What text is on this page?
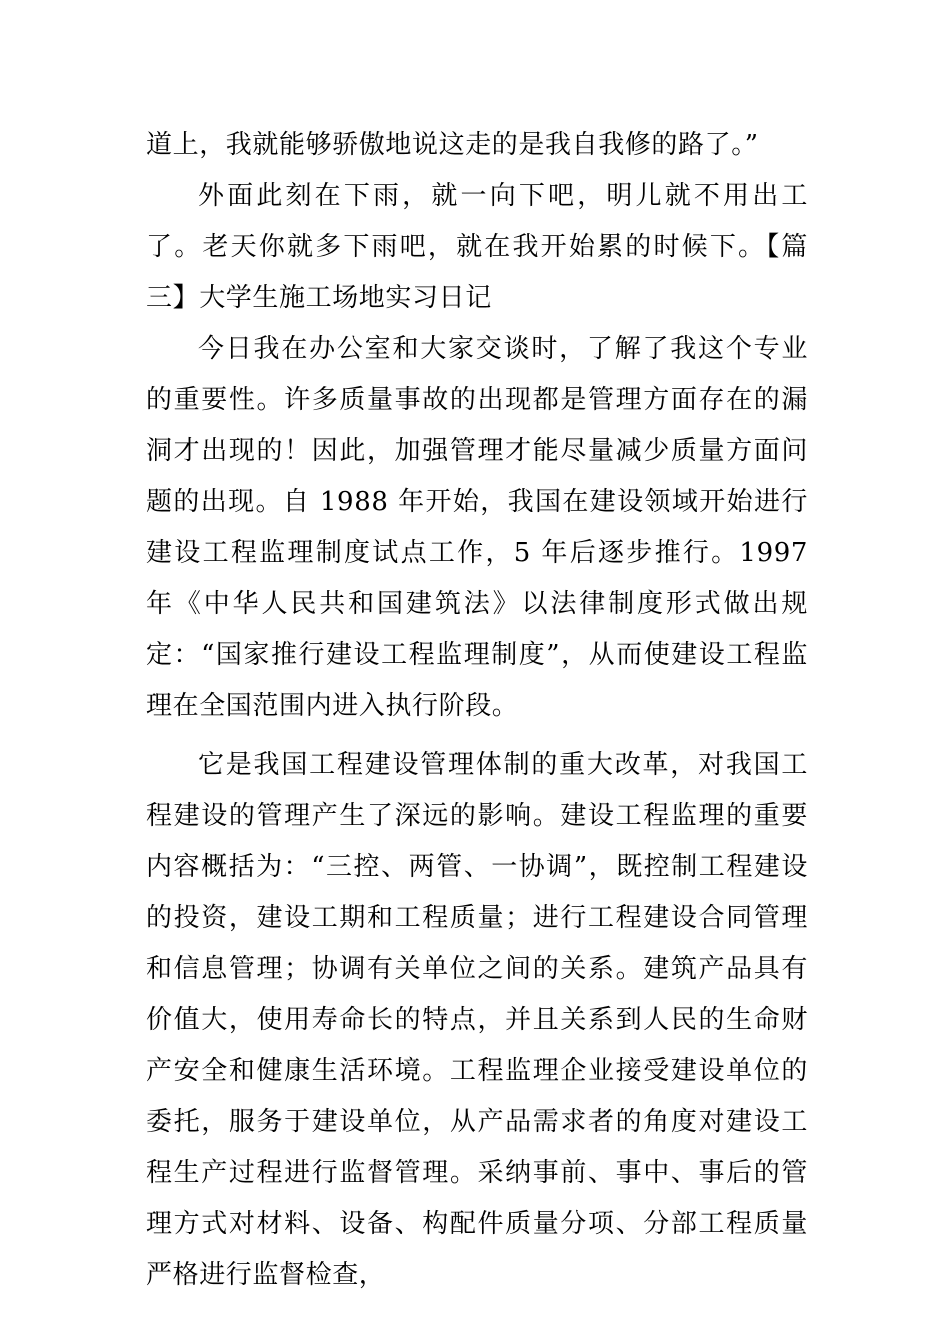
道上，我就能够骄傲地说这走的是我自我修的路了。”

外面此刻在下雨，就一向下吧，明儿就不用出工了。老天你就多下雨吧，就在我开始累的时候下。【篇三】大学生施工场地实习日记

今日我在办公室和大家交谈时，了解了我这个专业的重要性。许多质量事故的出现都是管理方面存在的漏洞才出现的！因此，加强管理才能尽量减少质量方面问题的出现。自 1988 年开始，我国在建设领域开始进行建设工程监理制度试点工作，5 年后逐步推行。1997 年《中华人民共和国建筑法》以法律制度形式做出规定：“国家推行建设工程监理制度”，从而使建设工程监理在全国范围内进入执行阶段。

它是我国工程建设管理体制的重大改革，对我国工程建设的管理产生了深远的影响。建设工程监理的重要内容概括为：“三控、两管、一协调”，既控制工程建设的投资，建设工期和工程质量；进行工程建设合同管理和信息管理；协调有关单位之间的关系。建筑产品具有价值大，使用寿命长的特点，并且关系到人民的生命财产安全和健康生活环境。工程监理企业接受建设单位的委托，服务于建设单位，从产品需求者的角度对建设工程生产过程进行监督管理。采纳事前、事中、事后的管理方式对材料、设备、构配件质量分项、分部工程质量严格进行监督检查，
